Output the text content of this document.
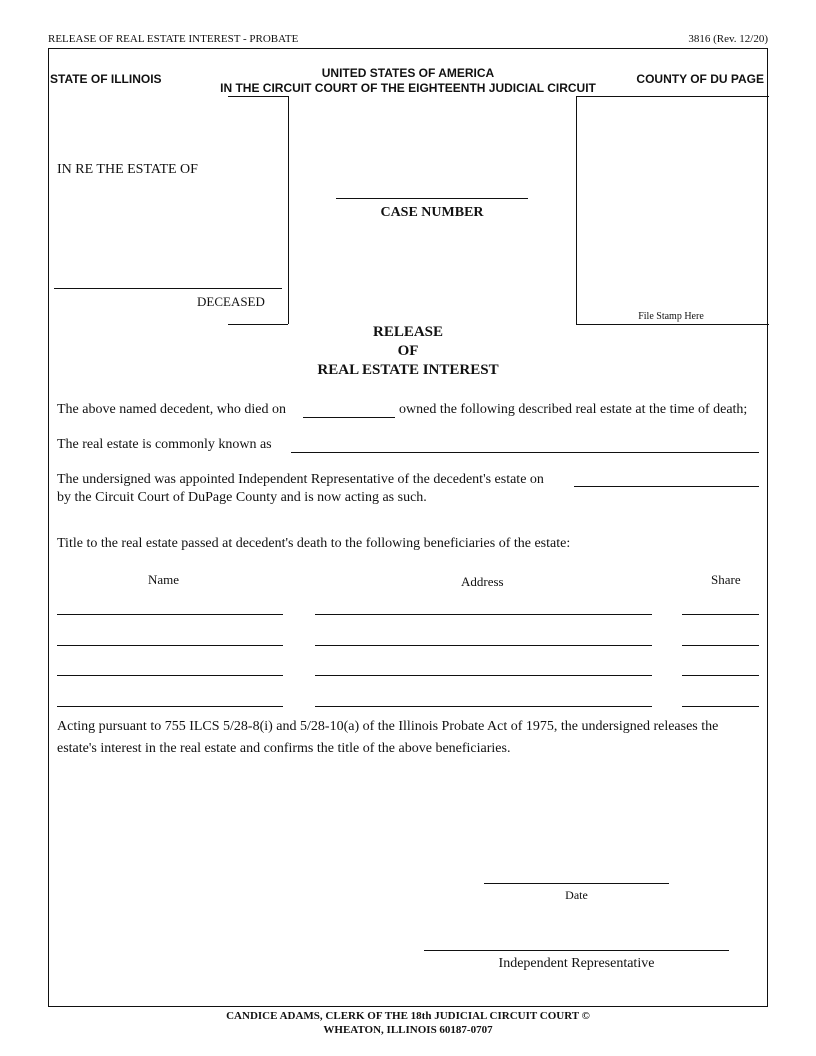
RELEASE OF REAL ESTATE INTEREST - PROBATE	3816 (Rev. 12/20)
STATE OF ILLINOIS	UNITED STATES OF AMERICA
IN THE CIRCUIT COURT OF THE EIGHTEENTH JUDICIAL CIRCUIT
COUNTY OF DU PAGE
IN RE THE ESTATE OF
DECEASED
CASE NUMBER
File Stamp Here
RELEASE
OF
REAL ESTATE INTEREST
The above named decedent, who died on	owned the following described real estate at the time of death;
The real estate is commonly known as
The undersigned was appointed Independent Representative of the decedent's estate on
by the Circuit Court of DuPage County and is now acting as such.
Title to the real estate passed at decedent's death to the following beneficiaries of the estate:
Name	Address	Share
Acting pursuant to 755 ILCS 5/28-8(i) and 5/28-10(a) of the Illinois Probate Act of 1975, the undersigned releases the
estate's interest in the real estate and confirms the title of the above beneficiaries.
Date
Independent Representative
CANDICE ADAMS, CLERK OF THE 18th JUDICIAL CIRCUIT COURT ©
WHEATON, ILLINOIS 60187-0707
